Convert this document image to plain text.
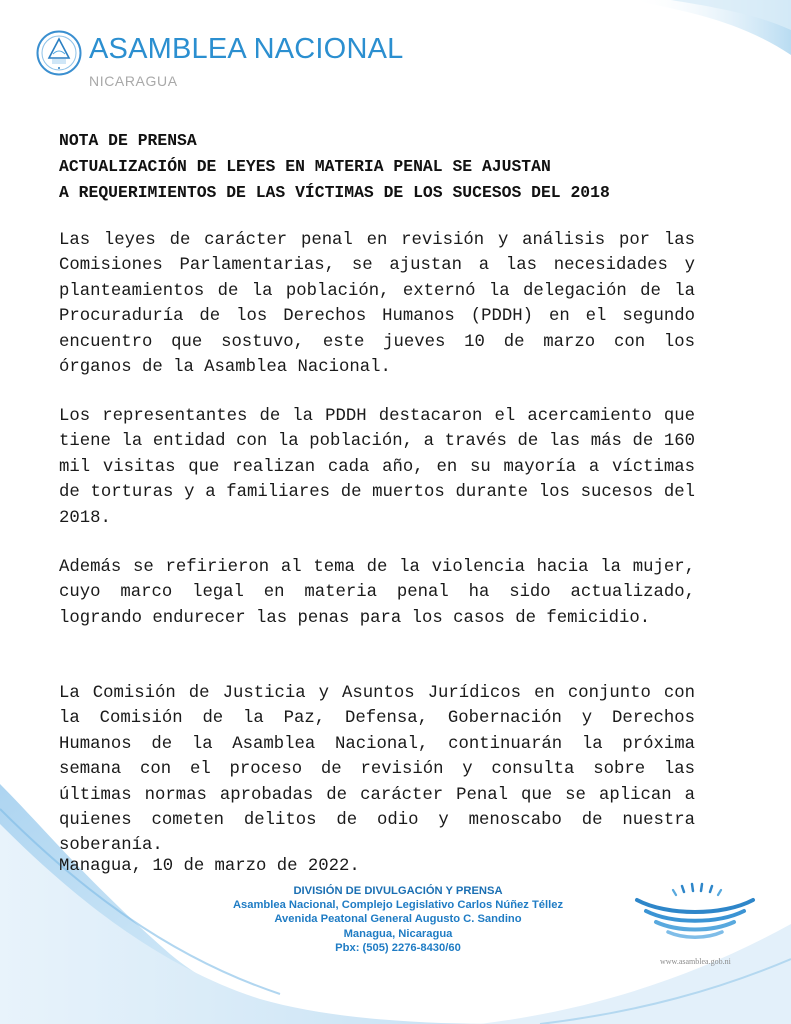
ASAMBLEA NACIONAL
NICARAGUA
NOTA DE PRENSA
ACTUALIZACIÓN DE LEYES EN MATERIA PENAL SE AJUSTAN
A REQUERIMIENTOS DE LAS VÍCTIMAS DE LOS SUCESOS DEL 2018
Las leyes de carácter penal en revisión y análisis por las Comisiones Parlamentarias, se ajustan a las necesidades y planteamientos de la población, externó la delegación de la Procuraduría de los Derechos Humanos (PDDH) en el segundo encuentro que sostuvo, este jueves 10 de marzo con los órganos de la Asamblea Nacional.
Los representantes de la PDDH destacaron el acercamiento que tiene la entidad con la población, a través de las más de 160 mil visitas que realizan cada año, en su mayoría a víctimas de torturas y a familiares de muertos durante los sucesos del 2018.
Además se refirieron al tema de la violencia hacia la mujer, cuyo marco legal en materia penal ha sido actualizado, logrando endurecer las penas para los casos de femicidio.
La Comisión de Justicia y Asuntos Jurídicos en conjunto con la Comisión de la Paz, Defensa, Gobernación y Derechos Humanos de la Asamblea Nacional, continuarán la próxima semana con el proceso de revisión y consulta sobre las últimas normas aprobadas de carácter Penal que se aplican a quienes cometen delitos de odio y menoscabo de nuestra soberanía.
Managua, 10 de marzo de 2022.
DIVISIÓN DE DIVULGACIÓN Y PRENSA
Asamblea Nacional, Complejo Legislativo Carlos Núñez Téllez
Avenida Peatonal General Augusto C. Sandino
Managua, Nicaragua
Pbx: (505) 2276-8430/60
www.asamblea.gob.ni
